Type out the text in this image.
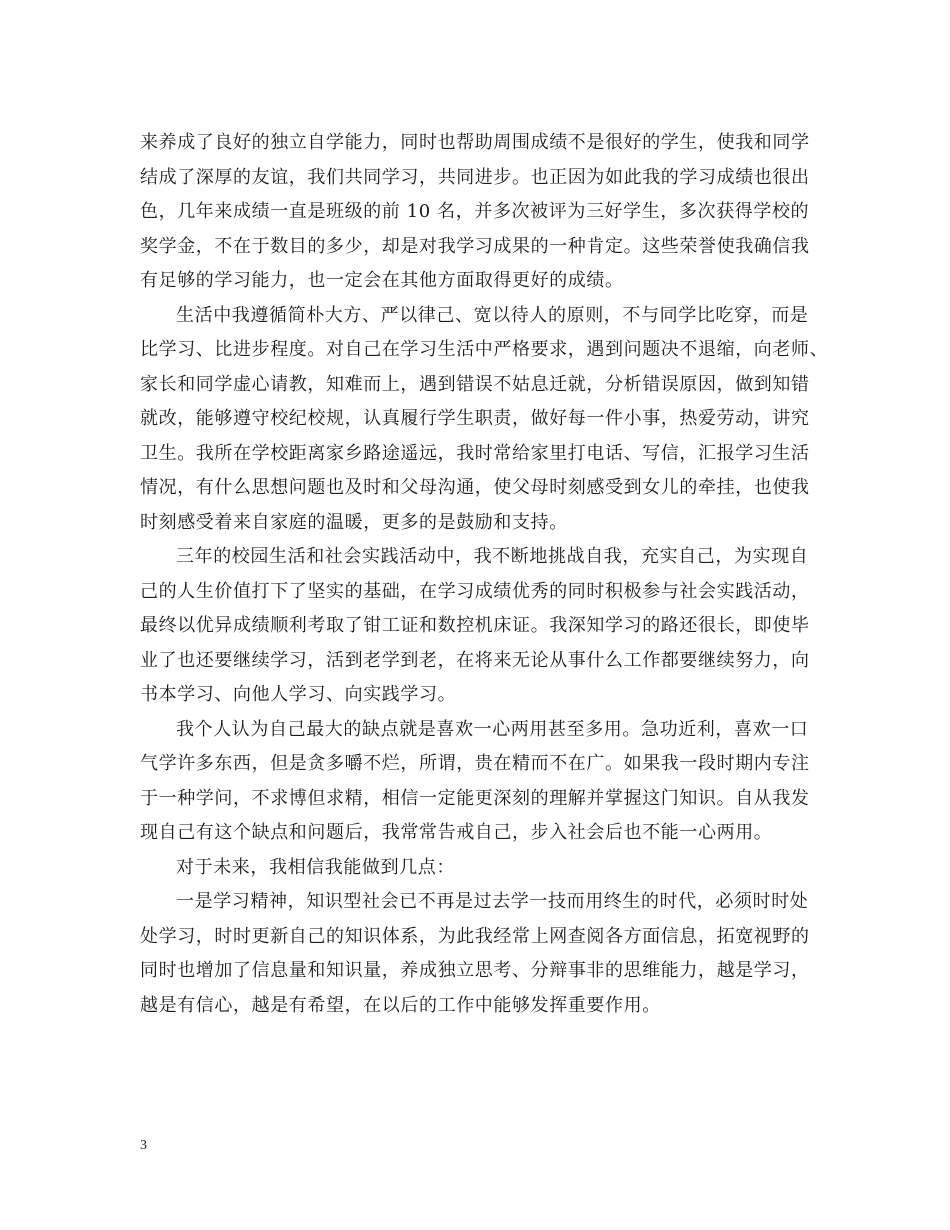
来养成了良好的独立自学能力，同时也帮助周围成绩不是很好的学生，使我和同学
结成了深厚的友谊，我们共同学习，共同进步。也正因为如此我的学习成绩也很出
色，几年来成绩一直是班级的前 10 名，并多次被评为三好学生，多次获得学校的
奖学金，不在于数目的多少，却是对我学习成果的一种肯定。这些荣誉使我确信我
有足够的学习能力，也一定会在其他方面取得更好的成绩。
生活中我遵循简朴大方、严以律己、宽以待人的原则，不与同学比吃穿，而是
比学习、比进步程度。对自己在学习生活中严格要求，遇到问题决不退缩，向老师、
家长和同学虚心请教，知难而上，遇到错误不姑息迁就，分析错误原因，做到知错
就改，能够遵守校纪校规，认真履行学生职责，做好每一件小事，热爱劳动，讲究
卫生。我所在学校距离家乡路途遥远，我时常给家里打电话、写信，汇报学习生活
情况，有什么思想问题也及时和父母沟通，使父母时刻感受到女儿的牵挂，也使我
时刻感受着来自家庭的温暖，更多的是鼓励和支持。
三年的校园生活和社会实践活动中，我不断地挑战自我，充实自己，为实现自
己的人生价值打下了坚实的基础，在学习成绩优秀的同时积极参与社会实践活动，
最终以优异成绩顺利考取了钳工证和数控机床证。我深知学习的路还很长，即使毕
业了也还要继续学习，活到老学到老，在将来无论从事什么工作都要继续努力，向
书本学习、向他人学习、向实践学习。
我个人认为自己最大的缺点就是喜欢一心两用甚至多用。急功近利，喜欢一口
气学许多东西，但是贪多嚼不烂，所谓，贵在精而不在广。如果我一段时期内专注
于一种学问，不求博但求精，相信一定能更深刻的理解并掌握这门知识。自从我发
现自己有这个缺点和问题后，我常常告戒自己，步入社会后也不能一心两用。
对于未来，我相信我能做到几点：
一是学习精神，知识型社会已不再是过去学一技而用终生的时代，必须时时处
处学习，时时更新自己的知识体系，为此我经常上网查阅各方面信息，拓宽视野的
同时也增加了信息量和知识量，养成独立思考、分辩事非的思维能力，越是学习，
越是有信心，越是有希望，在以后的工作中能够发挥重要作用。
3
